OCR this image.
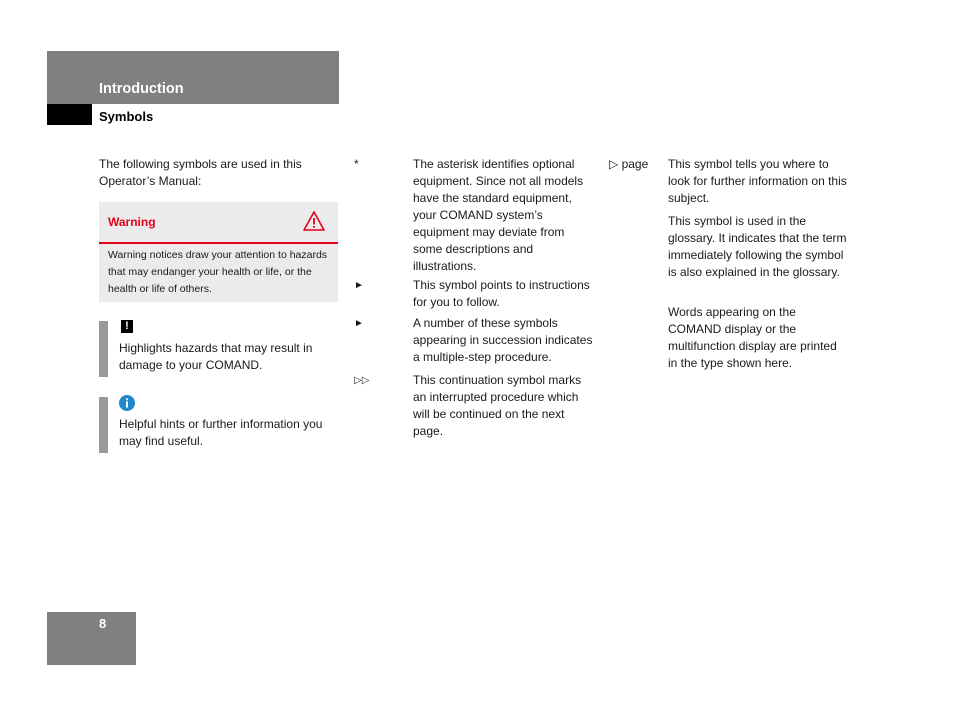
Introduction
Symbols
The following symbols are used in this Operator’s Manual:
Warning
Warning notices draw your attention to hazards that may endanger your health or life, or the health or life of others.
!
Highlights hazards that may result in damage to your COMAND.
Helpful hints or further information you may find useful.
*	The asterisk identifies optional equipment. Since not all models have the standard equipment, your COMAND system’s equipment may deviate from some descriptions and illustrations.
►	This symbol points to instructions for you to follow.
►	A number of these symbols appearing in succession indicates a multiple-step procedure.
▷▷	This continuation symbol marks an interrupted procedure which will be continued on the next page.
▷ page This symbol tells you where to look for further information on this subject.
This symbol is used in the glossary. It indicates that the term immediately following the symbol is also explained in the glossary.
Words appearing on the COMAND display or the multifunction display are printed in the type shown here.
8
